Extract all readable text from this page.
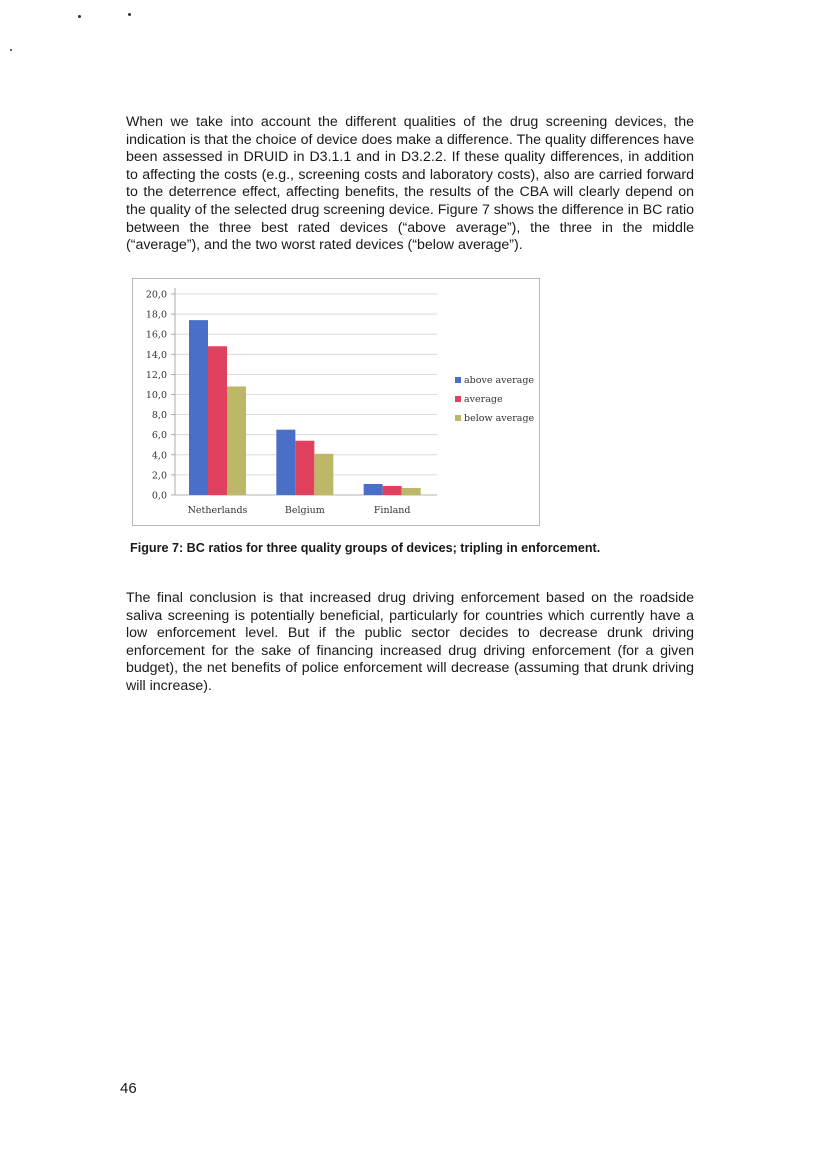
When we take into account the different qualities of the drug screening devices, the indication is that the choice of device does make a difference. The quality differences have been assessed in DRUID in D3.1.1 and in D3.2.2. If these quality differences, in addition to affecting the costs (e.g., screening costs and laboratory costs), also are carried forward to the deterrence effect, affecting benefits, the results of the CBA will clearly depend on the quality of the selected drug screening device. Figure 7 shows the difference in BC ratio between the three best rated devices (“above average”), the three in the middle (“average”), and the two worst rated devices (“below average”).

0,0
2,0
4,0
6,0
8,0
10,0
12,0
14,0
16,0
18,0
20,0
Netherlands	Belgium	Finland
above average
average
below average

Figure 7: BC ratios for three quality groups of devices; tripling in enforcement.

The final conclusion is that increased drug driving enforcement based on the roadside saliva screening is potentially beneficial, particularly for countries which currently have a low enforcement level. But if the public sector decides to decrease drunk driving enforcement for the sake of financing increased drug driving enforcement (for a given budget), the net benefits of police enforcement will decrease (assuming that drunk driving will increase).

46
